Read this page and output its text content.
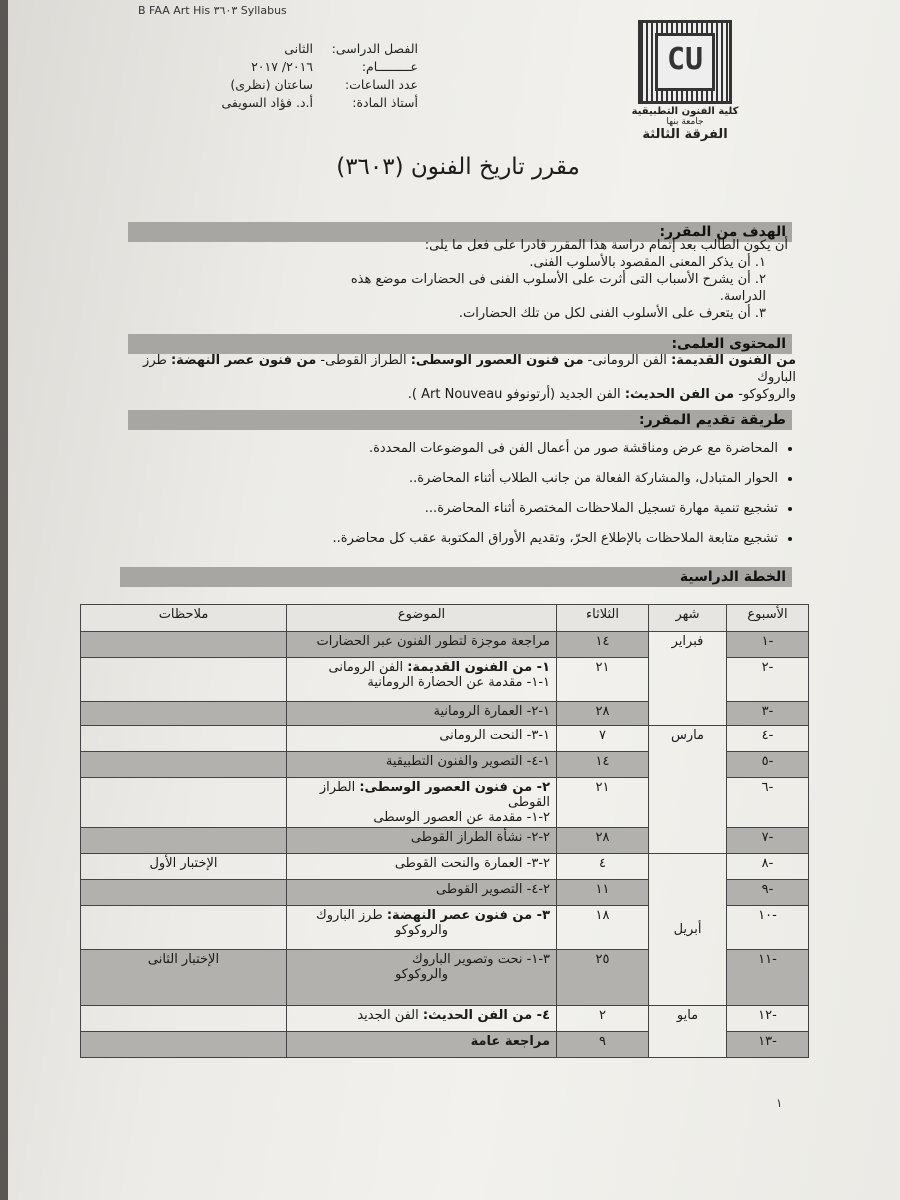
B FAA Art His ٣٦٠٣ Syllabus
الفصل الدراسى:
الثانى
عـــــــــام:
٢٠١٦/ ٢٠١٧
عدد الساعات:
ساعتان (نظرى)
أستاذ المادة:
أ.د. فؤاد السويفى
CU
كلية الفنون التطبيقية
جامعة بنها
الفرقة الثالثة
مقرر تاريخ الفنون (٣٦٠٣)
الهدف من المقرر:
أن يكون الطالب بعد إتمام دراسة هذا المقرر قادرا على فعل ما يلى:
١. أن يذكر المعنى المقصود بالأسلوب الفنى.
٢. أن يشرح الأسباب التى أثرت على الأسلوب الفنى فى الحضارات موضع هذه الدراسة.
٣. أن يتعرف على الأسلوب الفنى لكل من تلك الحضارات.
المحتوى العلمى:
من الفنون القديمة: الفن الرومانى- من فنون العصور الوسطى: الطراز القوطى- من فنون عصر النهضة: طرز الباروك
والروكوكو- من الفن الحديث: الفن الجديد (أرتونوفو Art Nouveau ).
طريقة تقديم المقرر:
• المحاضرة مع عرض ومناقشة صور من أعمال الفن فى الموضوعات المحددة.
• الحوار المتبادل، والمشاركة الفعالة من جانب الطلاب أثناء المحاضرة..
• تشجيع تنمية مهارة تسجيل الملاحظات المختصرة أثناء المحاضرة...
• تشجيع متابعة الملاحظات بالإطلاع الحرّ، وتقديم الأوراق المكتوبة عقب كل محاضرة..
الخطة الدراسية
الأسبوع	شهر	الثلاثاء	الموضوع	ملاحظات
-١	فبراير	١٤	مراجعة موجزة لتطور الفنون عبر الحضارات	
-٢		٢١	١- من الفنون القديمة: الفن الرومانى
١-١- مقدمة عن الحضارة الرومانية	

-٣		٢٨	١-٢- العمارة الرومانية	
-٤	مارس	٧	١-٣- النحت الرومانى	
-٥		١٤	١-٤- التصوير والفنون التطبيقية	
-٦		٢١	٢- من فنون العصور الوسطى: الطراز القوطى
٢-١- مقدمة عن العصور الوسطى	

-٧		٢٨	٢-٢- نشأة الطراز القوطى	
-٨	أبريل	٤	٢-٣- العمارة والنحت القوطى	الإختبار الأول
-٩		١١	٢-٤- التصوير القوطى	
-١٠		١٨	٣- من فنون عصر النهضة: طرز الباروك
والروكوكو	

-١١		٢٥	٣-١- نحت وتصوير الباروك
والروكوكو	الإختبار الثانى
-١٢	مايو	٢	٤- من الفن الحديث: الفن الجديد	
-١٣		٩	مراجعة عامة	
١
